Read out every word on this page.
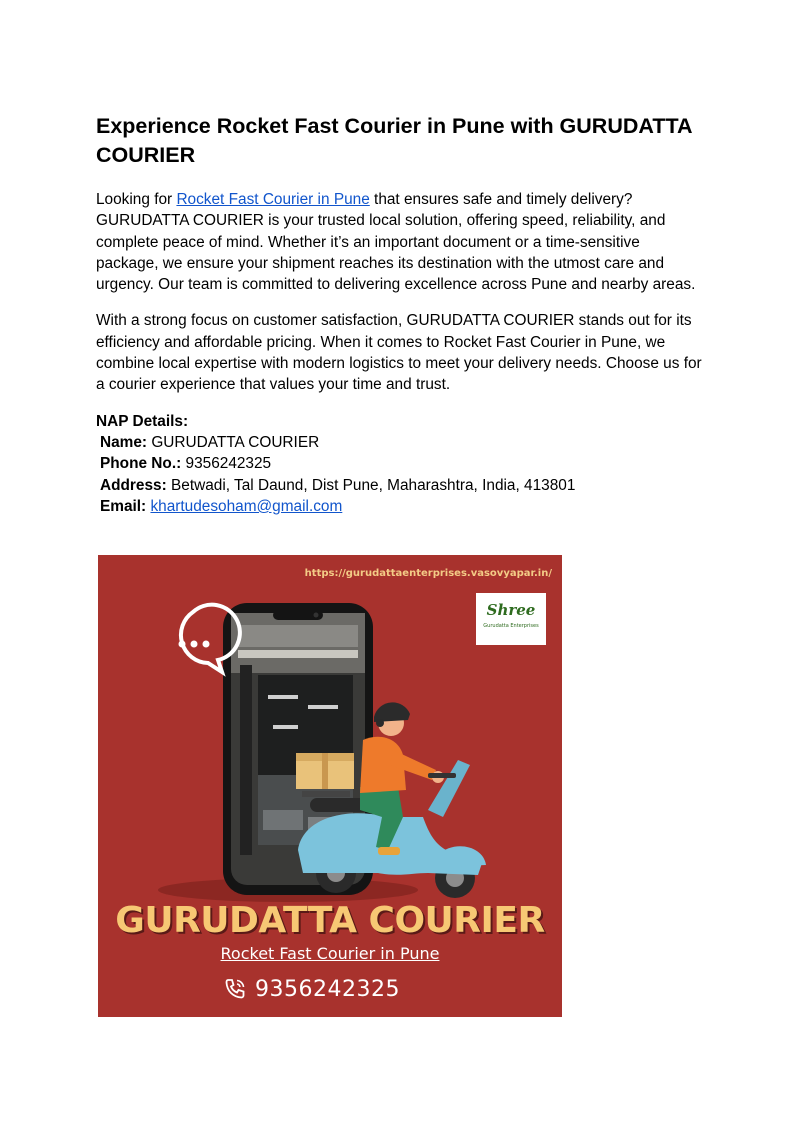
Experience Rocket Fast Courier in Pune with GURUDATTA COURIER

Looking for Rocket Fast Courier in Pune that ensures safe and timely delivery? GURUDATTA COURIER is your trusted local solution, offering speed, reliability, and complete peace of mind. Whether it’s an important document or a time-sensitive package, we ensure your shipment reaches its destination with the utmost care and urgency. Our team is committed to delivering excellence across Pune and nearby areas.

With a strong focus on customer satisfaction, GURUDATTA COURIER stands out for its efficiency and affordable pricing. When it comes to Rocket Fast Courier in Pune, we combine local expertise with modern logistics to meet your delivery needs. Choose us for a courier experience that values your time and trust.

NAP Details:
Name: GURUDATTA COURIER
Phone No.: 9356242325
Address: Betwadi, Tal Daund, Dist Pune, Maharashtra, India, 413801
Email: khartudesoham@gmail.com
https://gurudattaenterprises.vasovyapar.in/
Shree
Gurudatta Enterprises
GURUDATTA COURIER
Rocket Fast Courier in Pune
9356242325
